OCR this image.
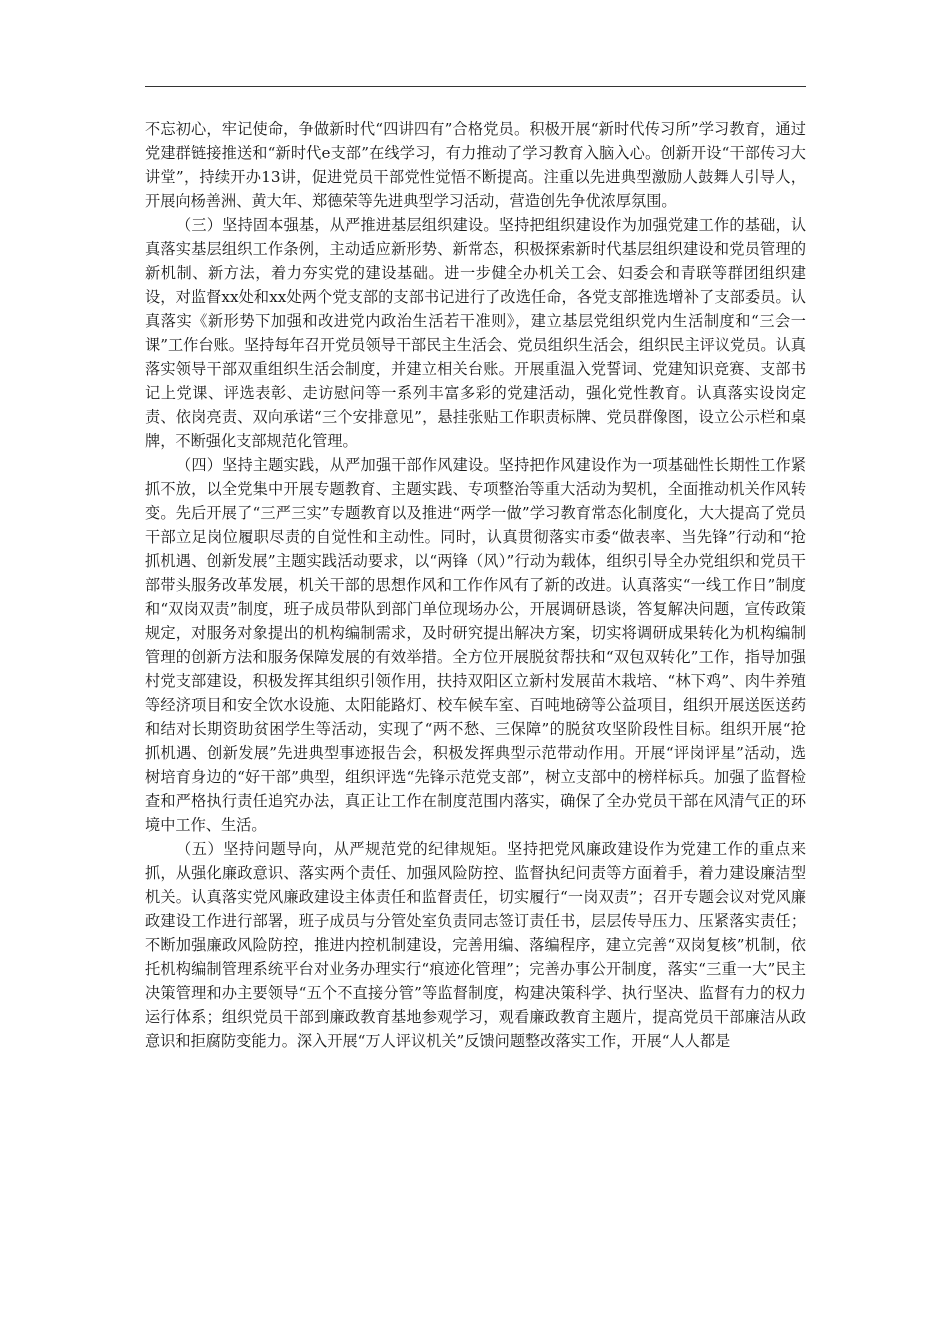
不忘初心，牢记使命，争做新时代“四讲四有”合格党员。积极开展“新时代传习所”学习教育，通过党建群链接推送和“新时代e支部”在线学习，有力推动了学习教育入脑入心。创新开设“干部传习大讲堂”，持续开办13讲，促进党员干部党性觉悟不断提高。注重以先进典型激励人鼓舞人引导人，开展向杨善洲、黄大年、郑德荣等先进典型学习活动，营造创先争优浓厚氛围。

（三）坚持固本强基，从严推进基层组织建设。坚持把组织建设作为加强党建工作的基础，认真落实基层组织工作条例，主动适应新形势、新常态，积极探索新时代基层组织建设和党员管理的新机制、新方法，着力夯实党的建设基础。进一步健全办机关工会、妇委会和青联等群团组织建设，对监督xx处和xx处两个党支部的支部书记进行了改选任命，各党支部推选增补了支部委员。认真落实《新形势下加强和改进党内政治生活若干准则》，建立基层党组织党内生活制度和“三会一课”工作台账。坚持每年召开党员领导干部民主生活会、党员组织生活会，组织民主评议党员。认真落实领导干部双重组织生活会制度，并建立相关台账。开展重温入党誓词、党建知识竞赛、支部书记上党课、评选表彰、走访慰问等一系列丰富多彩的党建活动，强化党性教育。认真落实设岗定责、依岗亮责、双向承诺“三个安排意见”，悬挂张贴工作职责标牌、党员群像图，设立公示栏和桌牌，不断强化支部规范化管理。

（四）坚持主题实践，从严加强干部作风建设。坚持把作风建设作为一项基础性长期性工作紧抓不放，以全党集中开展专题教育、主题实践、专项整治等重大活动为契机，全面推动机关作风转变。先后开展了“三严三实”专题教育以及推进“两学一做”学习教育常态化制度化，大大提高了党员干部立足岗位履职尽责的自觉性和主动性。同时，认真贯彻落实市委“做表率、当先锋”行动和“抢抓机遇、创新发展”主题实践活动要求，以“两锋（风）”行动为载体，组织引导全办党组织和党员干部带头服务改革发展，机关干部的思想作风和工作作风有了新的改进。认真落实“一线工作日”制度和“双岗双责”制度，班子成员带队到部门单位现场办公，开展调研恳谈，答复解决问题，宣传政策规定，对服务对象提出的机构编制需求，及时研究提出解决方案，切实将调研成果转化为机构编制管理的创新方法和服务保障发展的有效举措。全方位开展脱贫帮扶和“双包双转化”工作，指导加强村党支部建设，积极发挥其组织引领作用，扶持双阳区立新村发展苗木栽培、“林下鸡”、肉牛养殖等经济项目和安全饮水设施、太阳能路灯、校车候车室、百吨地磅等公益项目，组织开展送医送药和结对长期资助贫困学生等活动，实现了“两不愁、三保障”的脱贫攻坚阶段性目标。组织开展“抢抓机遇、创新发展”先进典型事迹报告会，积极发挥典型示范带动作用。开展“评岗评星”活动，选树培育身边的“好干部”典型，组织评选“先锋示范党支部”，树立支部中的榜样标兵。加强了监督检查和严格执行责任追究办法，真正让工作在制度范围内落实，确保了全办党员干部在风清气正的环境中工作、生活。

（五）坚持问题导向，从严规范党的纪律规矩。坚持把党风廉政建设作为党建工作的重点来抓，从强化廉政意识、落实两个责任、加强风险防控、监督执纪问责等方面着手，着力建设廉洁型机关。认真落实党风廉政建设主体责任和监督责任，切实履行“一岗双责”；召开专题会议对党风廉政建设工作进行部署，班子成员与分管处室负责同志签订责任书，层层传导压力、压紧落实责任；不断加强廉政风险防控，推进内控机制建设，完善用编、落编程序，建立完善“双岗复核”机制，依托机构编制管理系统平台对业务办理实行“痕迹化管理”；完善办事公开制度，落实“三重一大”民主决策管理和办主要领导“五个不直接分管”等监督制度，构建决策科学、执行坚决、监督有力的权力运行体系；组织党员干部到廉政教育基地参观学习，观看廉政教育主题片，提高党员干部廉洁从政意识和拒腐防变能力。深入开展“万人评议机关”反馈问题整改落实工作，开展“人人都是
